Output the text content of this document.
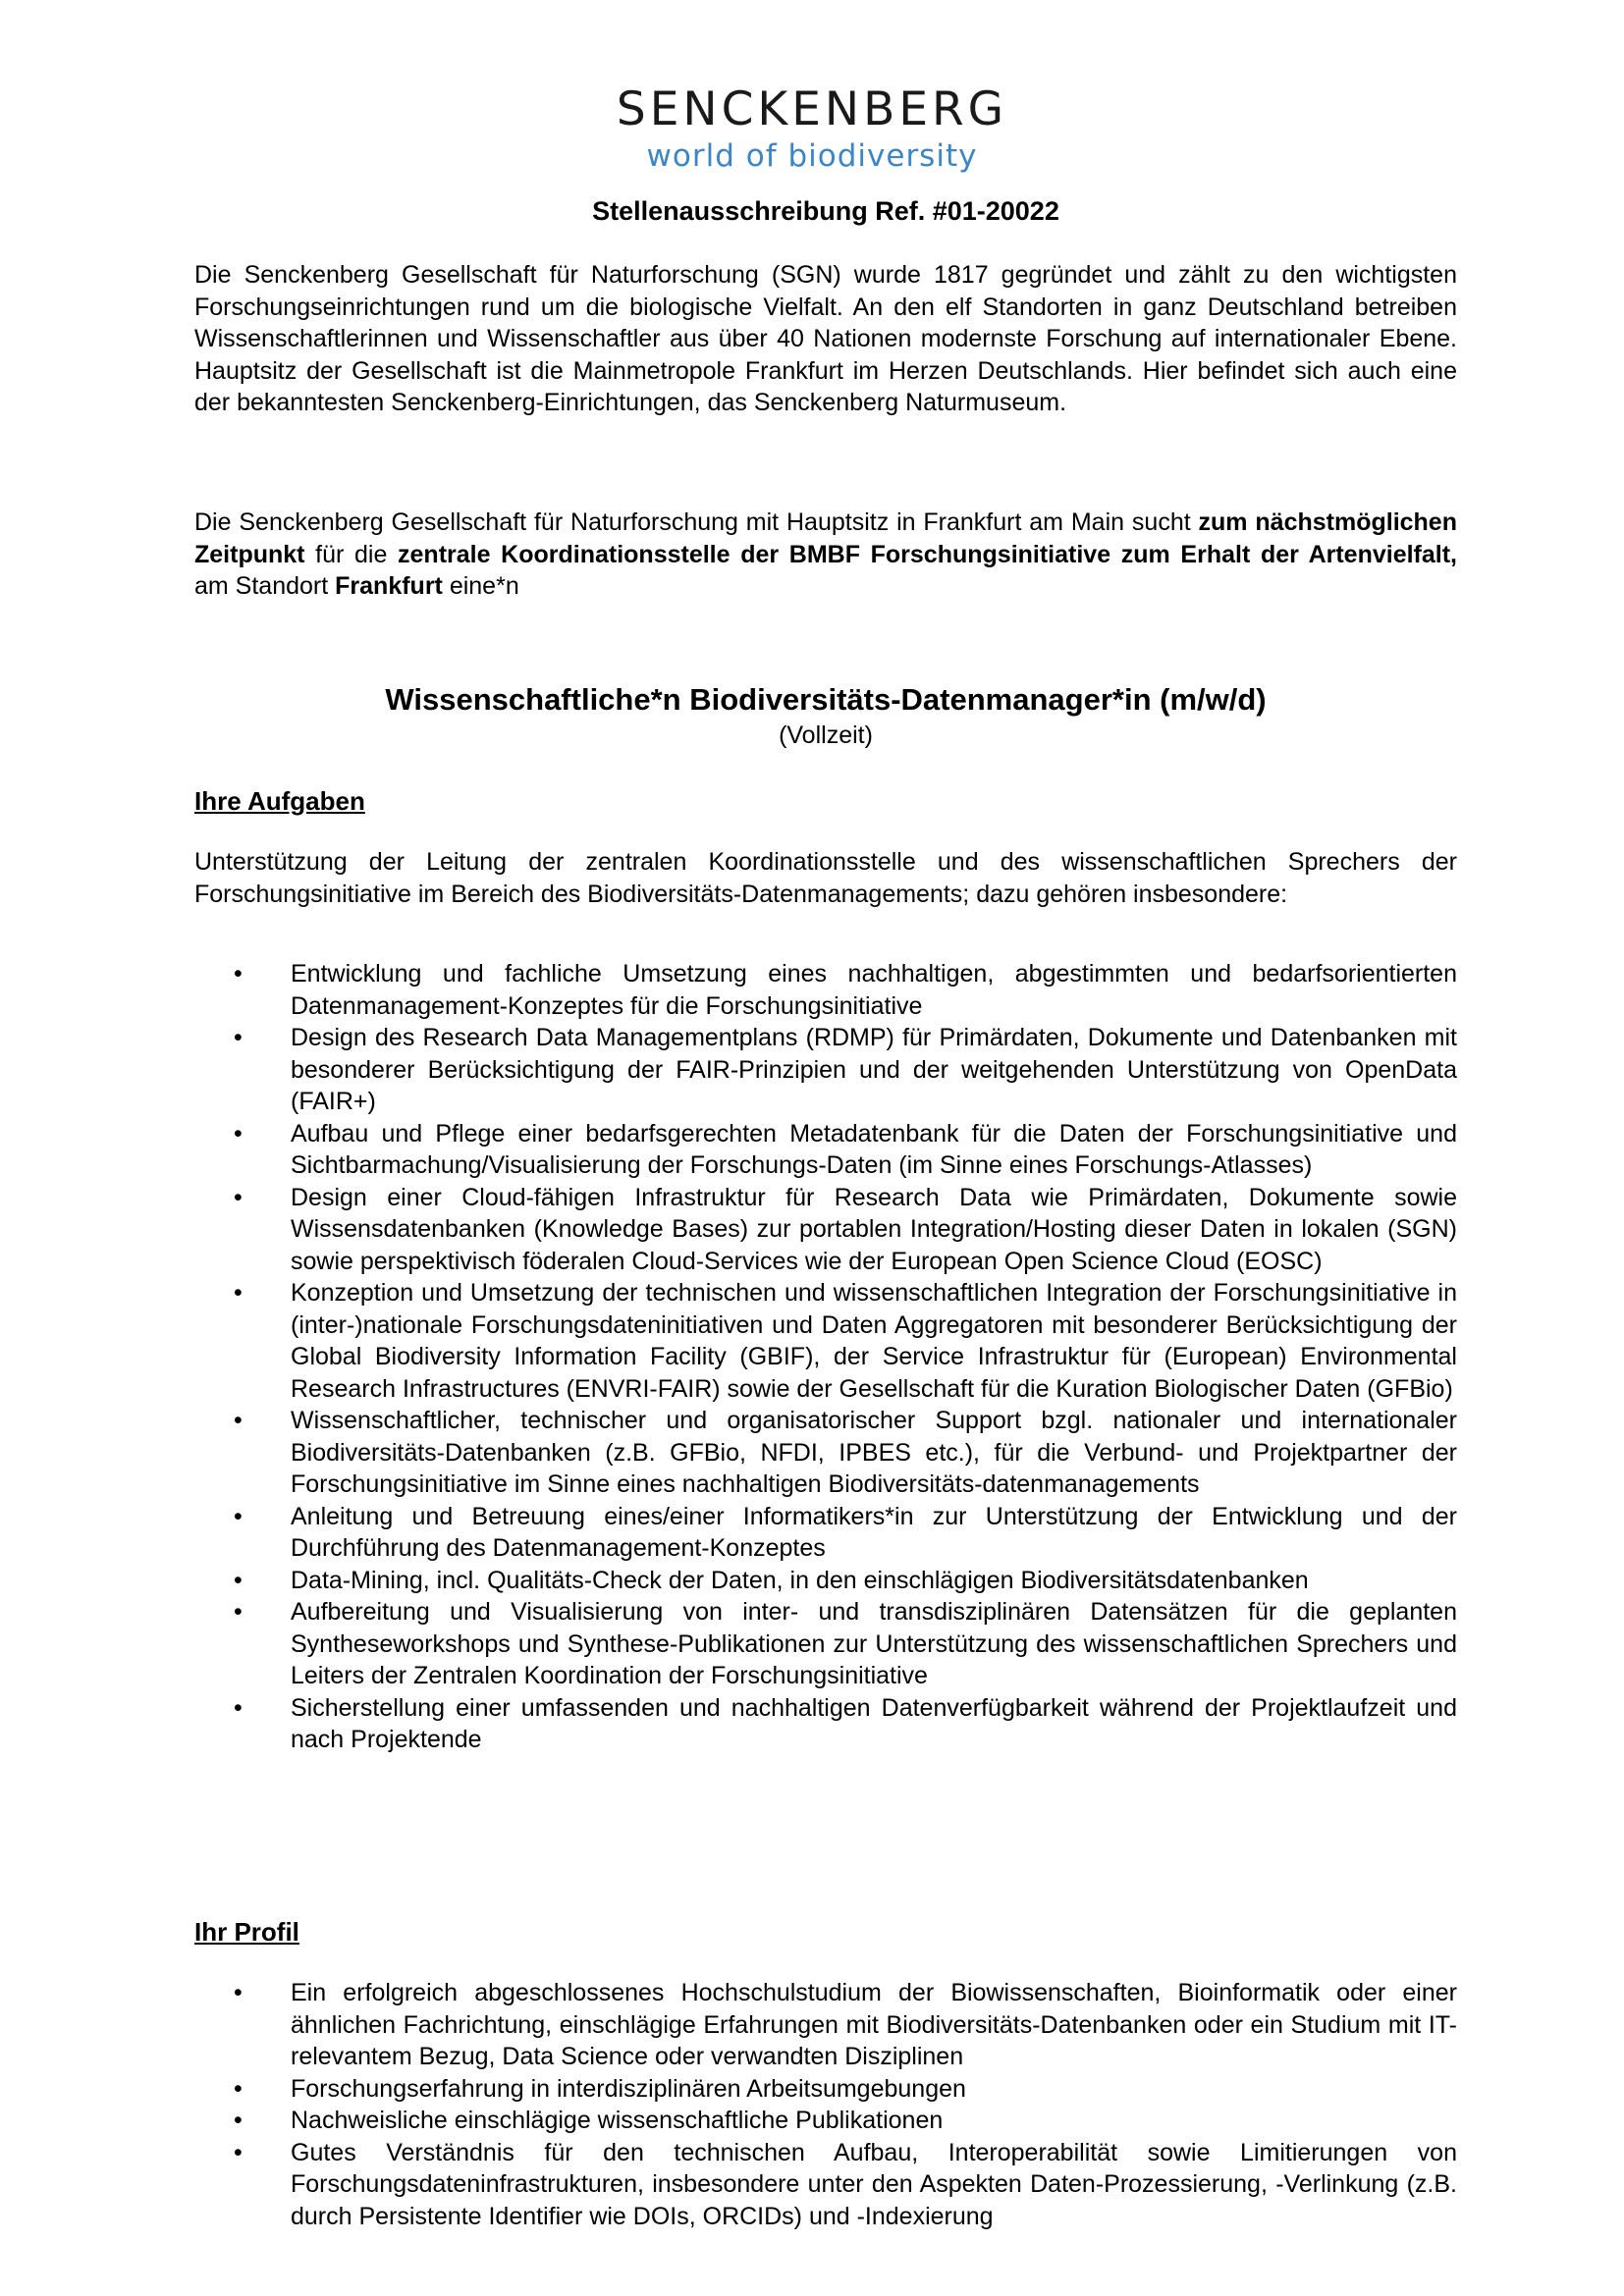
SENCKENBERG
world of biodiversity
Stellenausschreibung Ref. #01-20022

Die Senckenberg Gesellschaft für Naturforschung (SGN) wurde 1817 gegründet und zählt zu den wichtigsten Forschungseinrichtungen rund um die biologische Vielfalt. An den elf Standorten in ganz Deutschland betreiben Wissenschaftlerinnen und Wissenschaftler aus über 40 Nationen modernste Forschung auf internationaler Ebene. Hauptsitz der Gesellschaft ist die Mainmetropole Frankfurt im Herzen Deutschlands. Hier befindet sich auch eine der bekanntesten Senckenberg-Einrichtungen, das Senckenberg Naturmuseum.

Die Senckenberg Gesellschaft für Naturforschung mit Hauptsitz in Frankfurt am Main sucht zum nächstmöglichen Zeitpunkt für die zentrale Koordinationsstelle der BMBF Forschungsinitiative zum Erhalt der Artenvielfalt, am Standort Frankfurt eine*n

Wissenschaftliche*n Biodiversitäts-Datenmanager*in (m/w/d)
(Vollzeit)
Ihre Aufgaben

Unterstützung der Leitung der zentralen Koordinationsstelle und des wissenschaftlichen Sprechers der Forschungsinitiative im Bereich des Biodiversitäts-Datenmanagements; dazu gehören insbesondere:

• Entwicklung und fachliche Umsetzung eines nachhaltigen, abgestimmten und bedarfsorientierten Datenmanagement-Konzeptes für die Forschungsinitiative
• Design des Research Data Managementplans (RDMP) für Primärdaten, Dokumente und Datenbanken mit besonderer Berücksichtigung der FAIR-Prinzipien und der weitgehenden Unterstützung von OpenData (FAIR+)
• Aufbau und Pflege einer bedarfsgerechten Metadatenbank für die Daten der Forschungsinitiative und Sichtbarmachung/Visualisierung der Forschungs-Daten (im Sinne eines Forschungs-Atlasses)
• Design einer Cloud-fähigen Infrastruktur für Research Data wie Primärdaten, Dokumente sowie Wissensdatenbanken (Knowledge Bases) zur portablen Integration/Hosting dieser Daten in lokalen (SGN) sowie perspektivisch föderalen Cloud-Services wie der European Open Science Cloud (EOSC)
• Konzeption und Umsetzung der technischen und wissenschaftlichen Integration der Forschungsinitiative in (inter-)nationale Forschungsdateninitiativen und Daten Aggregatoren mit besonderer Berücksichtigung der Global Biodiversity Information Facility (GBIF), der Service Infrastruktur für (European) Environmental Research Infrastructures (ENVRI-FAIR) sowie der Gesellschaft für die Kuration Biologischer Daten (GFBio)
• Wissenschaftlicher, technischer und organisatorischer Support bzgl. nationaler und internationaler Biodiversitäts-Datenbanken (z.B. GFBio, NFDI, IPBES etc.), für die Verbund- und Projektpartner der Forschungsinitiative im Sinne eines nachhaltigen Biodiversitäts-datenmanagements
• Anleitung und Betreuung eines/einer Informatikers*in zur Unterstützung der Entwicklung und der Durchführung des Datenmanagement-Konzeptes
• Data-Mining, incl. Qualitäts-Check der Daten, in den einschlägigen Biodiversitätsdatenbanken
• Aufbereitung und Visualisierung von inter- und transdisziplinären Datensätzen für die geplanten Syntheseworkshops und Synthese-Publikationen zur Unterstützung des wissenschaftlichen Sprechers und Leiters der Zentralen Koordination der Forschungsinitiative
• Sicherstellung einer umfassenden und nachhaltigen Datenverfügbarkeit während der Projektlaufzeit und nach Projektende
Ihr Profil
• Ein erfolgreich abgeschlossenes Hochschulstudium der Biowissenschaften, Bioinformatik oder einer ähnlichen Fachrichtung, einschlägige Erfahrungen mit Biodiversitäts-Datenbanken oder ein Studium mit IT-relevantem Bezug, Data Science oder verwandten Disziplinen
• Forschungserfahrung in interdisziplinären Arbeitsumgebungen
• Nachweisliche einschlägige wissenschaftliche Publikationen
• Gutes Verständnis für den technischen Aufbau, Interoperabilität sowie Limitierungen von Forschungsdateninfrastrukturen, insbesondere unter den Aspekten Daten-Prozessierung, -Verlinkung (z.B. durch Persistente Identifier wie DOIs, ORCIDs) und -Indexierung
